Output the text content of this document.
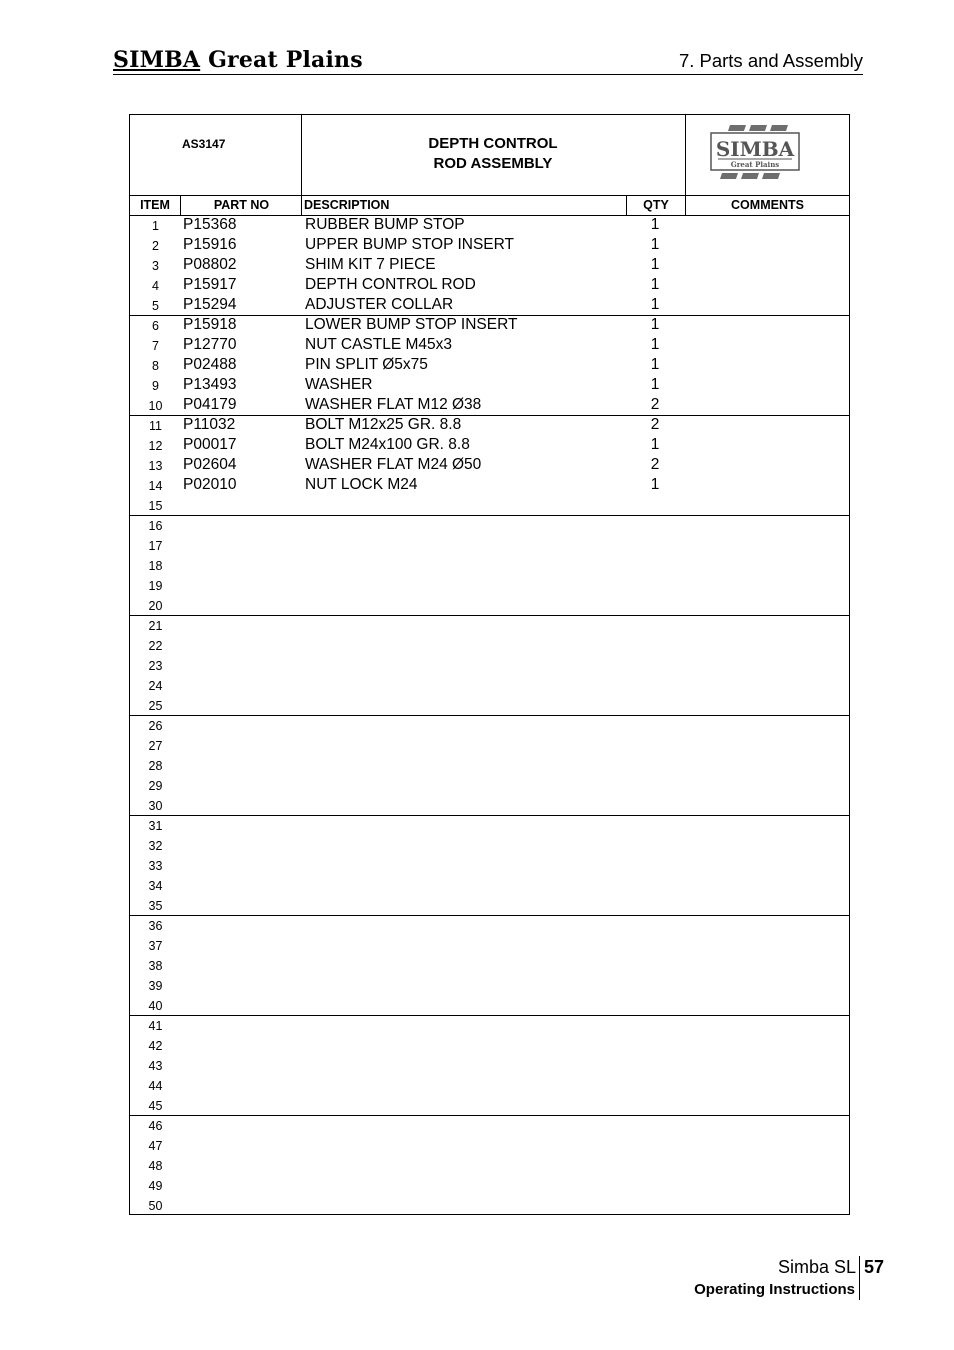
SIMBA Great Plains	7. Parts and Assembly
AS3147	DEPTH CONTROL
ROD ASSEMBLY
SIMBA
Great Plains
ITEM	PART NO	DESCRIPTION	QTY	COMMENTS
1	P15368	RUBBER BUMP STOP	1
2	P15916	UPPER BUMP STOP INSERT	1
3	P08802	SHIM KIT 7 PIECE	1
4	P15917	DEPTH CONTROL ROD	1
5	P15294	ADJUSTER COLLAR	1
6	P15918	LOWER BUMP STOP INSERT	1
7	P12770	NUT CASTLE M45x3	1
8	P02488	PIN SPLIT Ø5x75	1
9	P13493	WASHER	1
10	P04179	WASHER FLAT M12 Ø38	2
11	P11032	BOLT M12x25 GR. 8.8	2
12	P00017	BOLT M24x100 GR. 8.8	1
13	P02604	WASHER FLAT M24 Ø50	2
14	P02010	NUT LOCK M24	1
15
16
17
18
19
20
21
22
23
24
25
26
27
28
29
30
31
32
33
34
35
36
37
38
39
40
41
42
43
44
45
46
47
48
49
50
Simba SL 57
Operating Instructions
